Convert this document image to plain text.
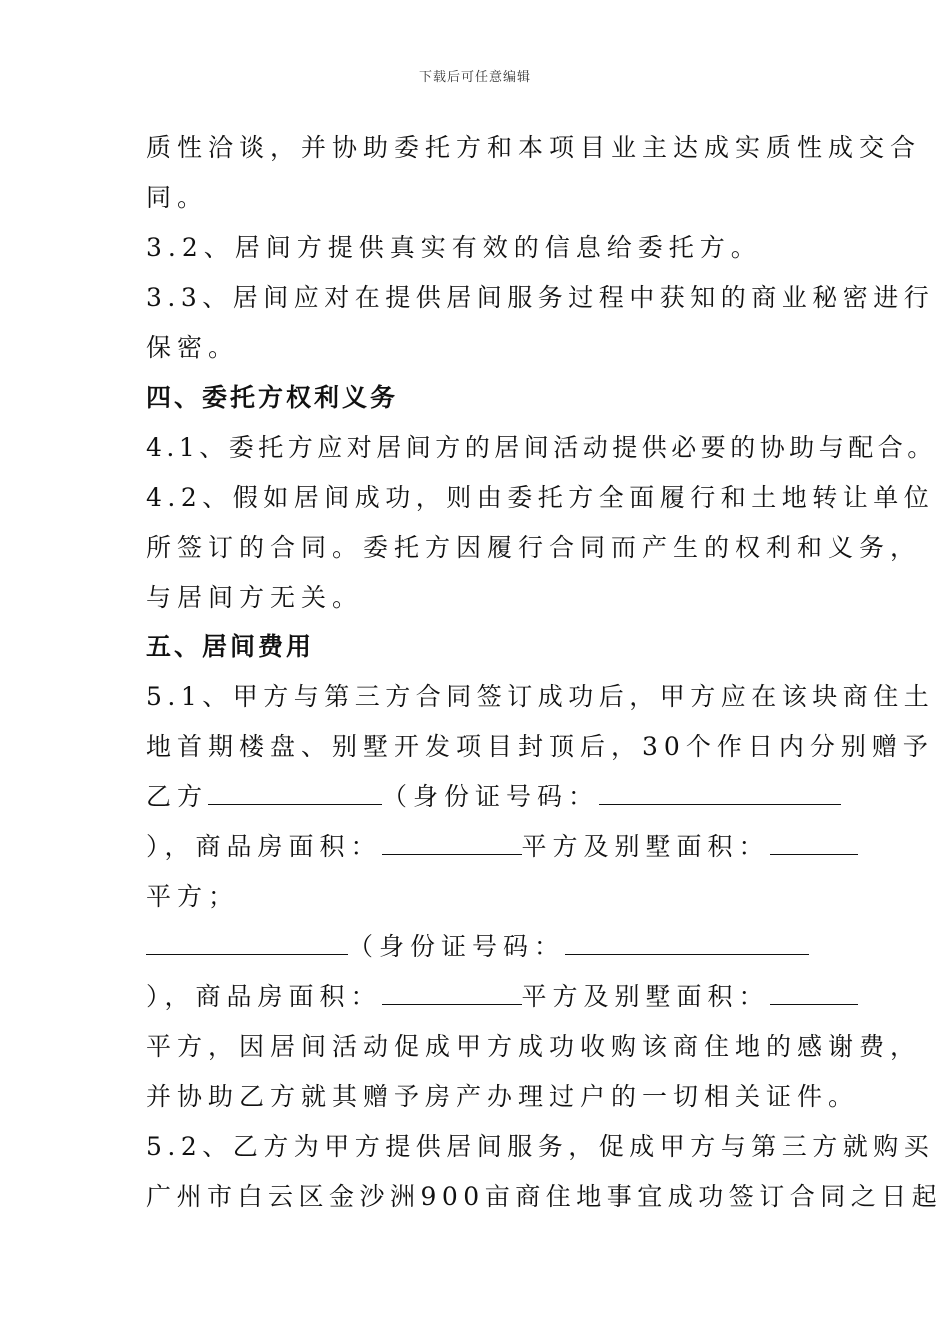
下载后可任意编辑
质性洽谈，并协助委托方和本项目业主达成实质性成交合
同。
3.2、居间方提供真实有效的信息给委托方。
3.3、居间应对在提供居间服务过程中获知的商业秘密进行
保密。
四、委托方权利义务
4.1、委托方应对居间方的居间活动提供必要的协助与配合。
4.2、假如居间成功，则由委托方全面履行和土地转让单位
所签订的合同。委托方因履行合同而产生的权利和义务，
与居间方无关。
五、居间费用
5.1、甲方与第三方合同签订成功后，甲方应在该块商住土
地首期楼盘、别墅开发项目封顶后，30个作日内分别赠予
乙方	（身份证号码：
），商品房面积：	平方及别墅面积：
平方；
（身份证号码：
），商品房面积：	平方及别墅面积：
平方，因居间活动促成甲方成功收购该商住地的感谢费，
并协助乙方就其赠予房产办理过户的一切相关证件。
5.2、乙方为甲方提供居间服务，促成甲方与第三方就购买
广州市白云区金沙洲900亩商住地事宜成功签订合同之日起
